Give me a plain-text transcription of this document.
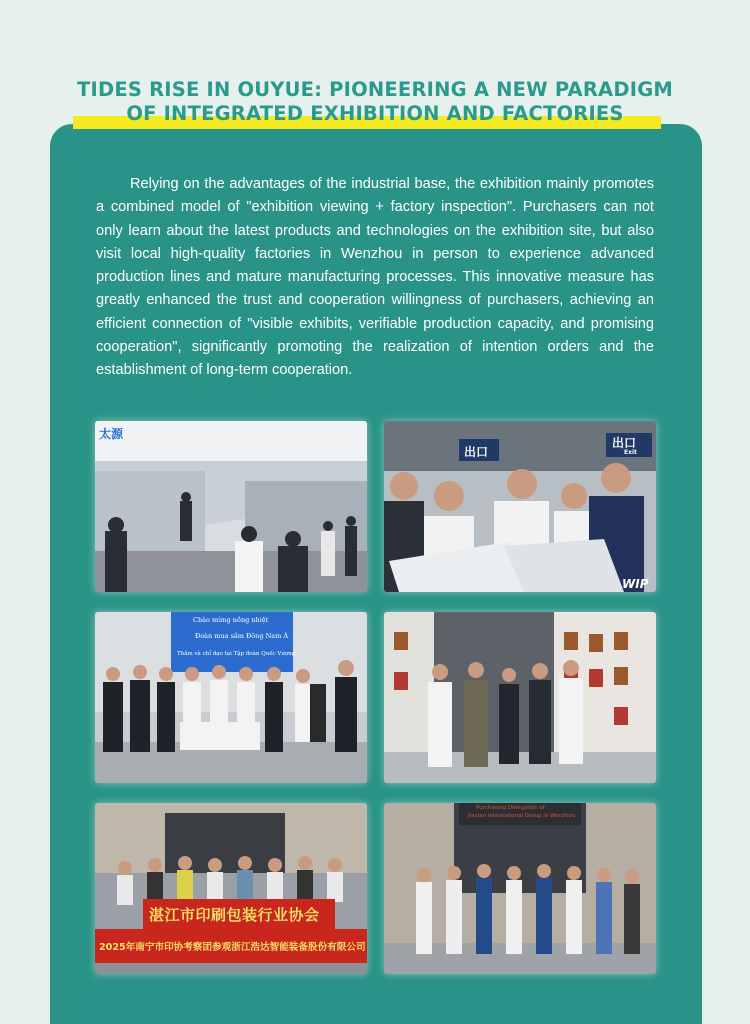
TIDES RISE IN OUYUE: PIONEERING A NEW PARADIGM
OF INTEGRATED EXHIBITION AND FACTORIES

Relying on the advantages of the industrial base, the exhibition mainly promotes a combined model of "exhibition viewing + factory inspection". Purchasers can not only learn about the latest products and technologies on the exhibition site, but also visit local high-quality factories in Wenzhou in person to experience advanced production lines and mature manufacturing processes. This innovative measure has greatly enhanced the trust and cooperation willingness of purchasers, achieving an efficient connection of "visible exhibits, verifiable production capacity, and promising cooperation", significantly promoting the realization of intention orders and the establishment of long-term cooperation.

太源
出口
出口
Exit
WIP
Chào mừng nồng nhiệt
Đoàn mua sắm Đông Nam Á
Thăm và chỉ đạo tại Tập đoàn Quốc Vượng
湛江市印刷包装行业协会
2025年南宁市印协考察团参观浙江浩达智能装备股份有限公司
Purchasing Delegation of
Jiaxian International Group in Wenzhou
